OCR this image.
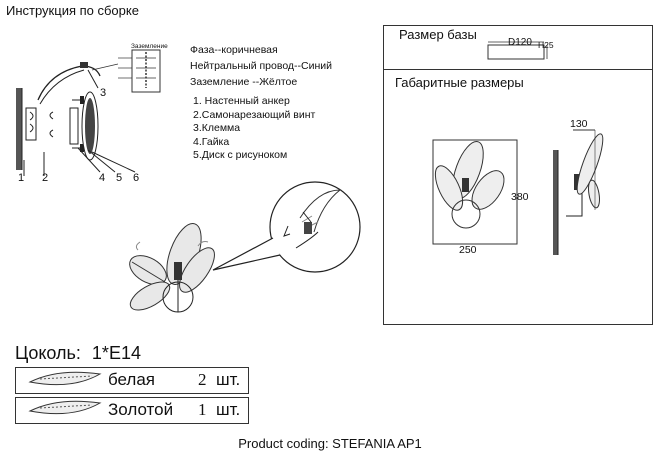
Инструкция по сборке
Фаза--коричневая
Нейтральный провод--Синий
Заземление --Жёлтое
1. Настенный анкер
2.Самонарезающий винт
3.Клемма
4.Гайка
5.Диск с рисунокoм
1 2
3
4 5 6
Заземление
Размер базы
D120 H25
Габаритные размеры
380
250
130
Цоколь: 1*E14
белая	2 шт.
Золотой 1 шт.
Product coding: STEFANIA AP1
